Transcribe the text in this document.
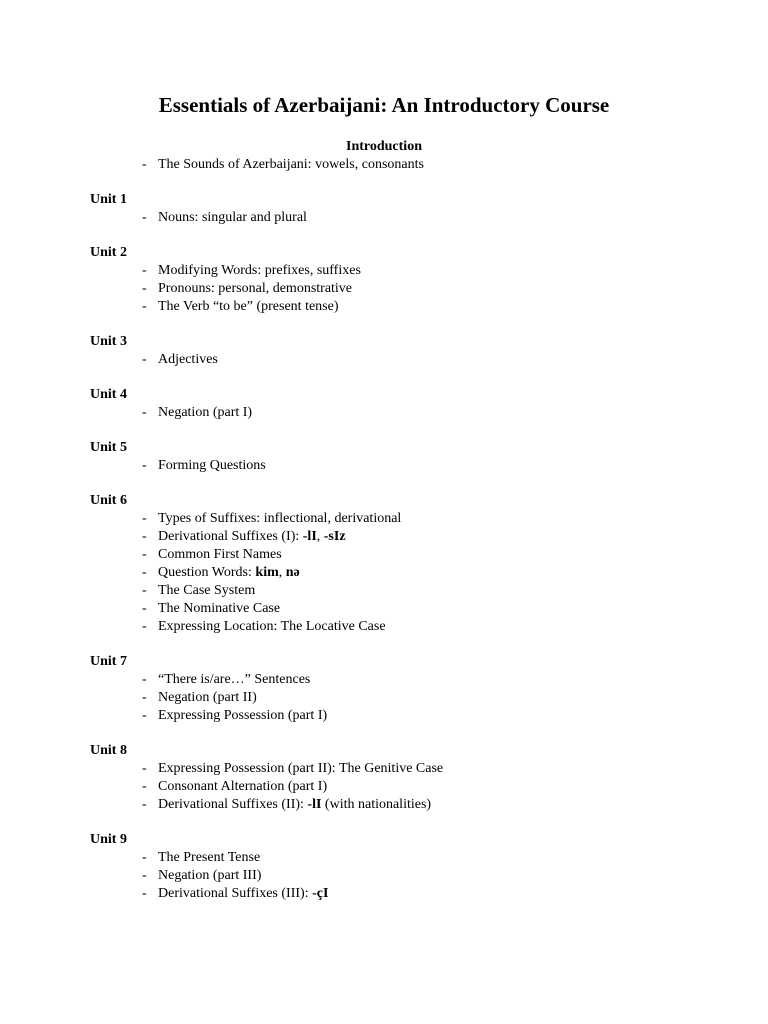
Essentials of Azerbaijani: An Introductory Course
Introduction
- The Sounds of Azerbaijani: vowels, consonants
Unit 1
- Nouns: singular and plural
Unit 2
- Modifying Words: prefixes, suffixes
- Pronouns: personal, demonstrative
- The Verb “to be” (present tense)
Unit 3
- Adjectives
Unit 4
- Negation (part I)
Unit 5
- Forming Questions
Unit 6
- Types of Suffixes: inflectional, derivational
- Derivational Suffixes (I): -lI, -sIz
- Common First Names
- Question Words: kim, nə
- The Case System
- The Nominative Case
- Expressing Location: The Locative Case
Unit 7
- “There is/are…” Sentences
- Negation (part II)
- Expressing Possession (part I)
Unit 8
- Expressing Possession (part II): The Genitive Case
- Consonant Alternation (part I)
- Derivational Suffixes (II): -lI (with nationalities)
Unit 9
- The Present Tense
- Negation (part III)
- Derivational Suffixes (III): -çI
